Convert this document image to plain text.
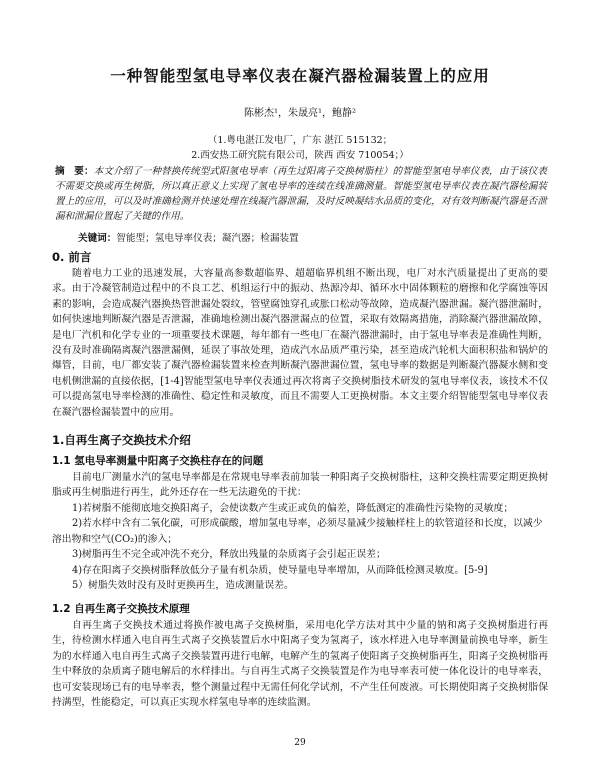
一种智能型氢电导率仪表在凝汽器检漏装置上的应用
陈彬杰¹，朱晟亮¹，鲍静²
（1.粤电湛江发电厂，广东 湛江 515132；
2.西安热工研究院有限公司，陕西 西安 710054；）
摘　要：本文介绍了一种替换传统型式阳氢电导率（再生过阳离子交换树脂柱）的智能型氢电导率仪表，由于该仪表不需要交换或再生树脂，所以真正意义上实现了氢电导率的连续在线准确测量。智能型氢电导率仪表在凝汽器检漏装置上的应用，可以及时准确检测并快速处理在线凝汽器泄漏，及时反映凝结水品质的变化，对有效判断凝汽器是否泄漏和泄漏位置起了关键的作用。
关键词：智能型；氢电导率仪表；凝汽器；检漏装置
0. 前言

随着电力工业的迅速发展，大容量高参数超临界、超超临界机组不断出现，电厂对水汽质量提出了更高的要求。由于冷凝管制造过程中的不良工艺、机组运行中的振动、热源冷却、循环水中固体颗粒的磨擦和化学腐蚀等因素的影响，会造成凝汽器换热管泄漏处裂纹，管壁腐蚀穿孔或胀口松动等故障，造成凝汽器泄漏。凝汽器泄漏时，如何快速地判断凝汽器是否泄漏，准确地检测出凝汽器泄漏点的位置，采取有效隔离措施，消除凝汽器泄漏故障，是电厂汽机和化学专业的一项重要技术课题，每年都有一些电厂在凝汽器泄漏时，由于氢电导率表是准确性判断，没有及时准确隔离凝汽器泄漏侧，延误了事故处理，造成汽水品质严重污染，甚至造成汽轮机大面积积盐和锅炉的爆管，目前，电厂都安装了凝汽器检漏装置来检查判断凝汽器泄漏位置，氢电导率的数据是判断凝汽器凝水侧和变电机侧泄漏的直接依据，[1-4]智能型氢电导率仪表通过再次将离子交换树脂技术研发的氢电导率仪表，该技术不仅可以提高氢电导率检测的准确性、稳定性和灵敏度，而且不需要人工更换树脂。本文主要介绍智能型氢电导率仪表在凝汽器检漏装置中的应用。

1.自再生离子交换技术介绍
1.1 氢电导率测量中阳离子交换柱存在的问题

目前电厂测量水汽的氢电导率都是在常规电导率表前加装一种阳离子交换树脂柱，这种交换柱需要定期更换树脂或再生树脂进行再生，此外还存在一些无法避免的干扰：

1)若树脂不能彻底地交换阳离子，会使读数产生或正或负的偏差，降低测定的准确性污染物的灵敏度；
2)若水样中含有二氧化碳，可形成碳酸，增加氢电导率，必须尽量减少接触样柱上的软管道径和长度，以减少溶出物和空气(CO₂)的渗入；
3)树脂再生不完全或冲洗不充分，释放出残量的杂质离子会引起正误差；
4)存在阳离子交换树脂释放低分子量有机杂质，使导量电导率增加，从而降低检测灵敏度。[5-9]
5）树脂失效时没有及时更换再生，造成测量误差。
1.2 自再生离子交换技术原理

自再生离子交换技术通过将换作被电离子交换树脂，采用电化学方法对其中少量的钠和离子交换树脂进行再生，待检测水样通入电自再生式离子交换装置后水中阳离子变为氢离子，该水样进入电导率测量前换电导率，新生为的水样通入电自再生式离子交换装置再进行电解，电解产生的氢离子使阳离子交换树脂再生，阳离子交换树脂再生中释放的杂质离子随电解后的水样排出。与自再生式离子交换装置是作为电导率表可使一体化设计的电导率表，也可安装现场已有的电导率表，整个测量过程中无需任何化学试剂，不产生任何废液。可长期使阳离子交换树脂保持满型，性能稳定，可以真正实现水样氢电导率的连续监测。

29
